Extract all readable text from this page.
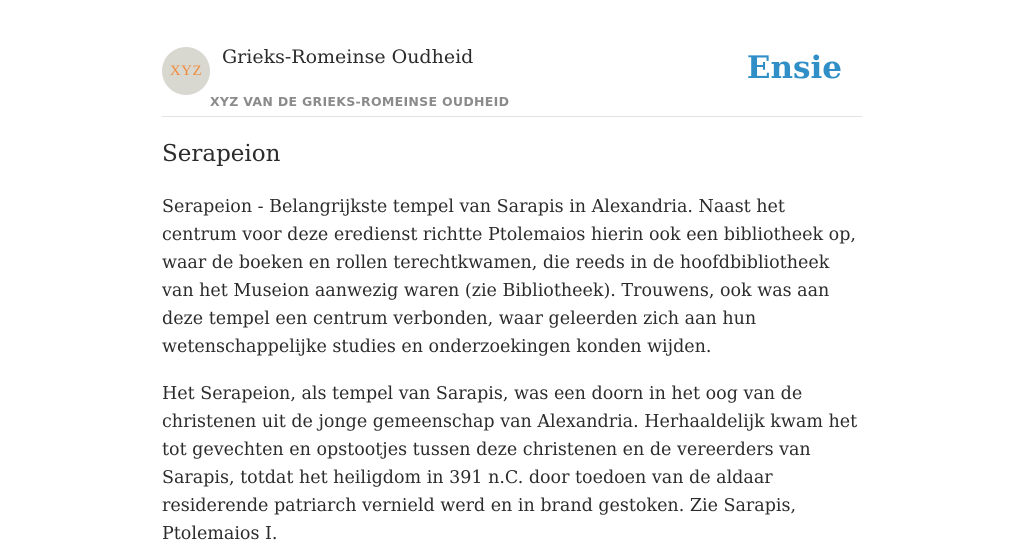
XYZ
Grieks-Romeinse Oudheid
XYZ VAN DE GRIEKS-ROMEINSE OUDHEID
Ensie
Serapeion

Serapeion - Belangrijkste tempel van Sarapis in Alexandria. Naast het centrum voor deze eredienst richtte Ptolemaios hierin ook een bibliotheek op, waar de boeken en rollen terechtkwamen, die reeds in de hoofdbibliotheek van het Museion aanwezig waren (zie Bibliotheek). Trouwens, ook was aan deze tempel een centrum verbonden, waar geleerden zich aan hun wetenschappelijke studies en onderzoekingen konden wijden.

Het Serapeion, als tempel van Sarapis, was een doorn in het oog van de christenen uit de jonge gemeenschap van Alexandria. Herhaaldelijk kwam het tot gevechten en opstootjes tussen deze christenen en de vereerders van Sarapis, totdat het heiligdom in 391 n.C. door toedoen van de aldaar residerende patriarch vernield werd en in brand gestoken. Zie Sarapis, Ptolemaios I.
